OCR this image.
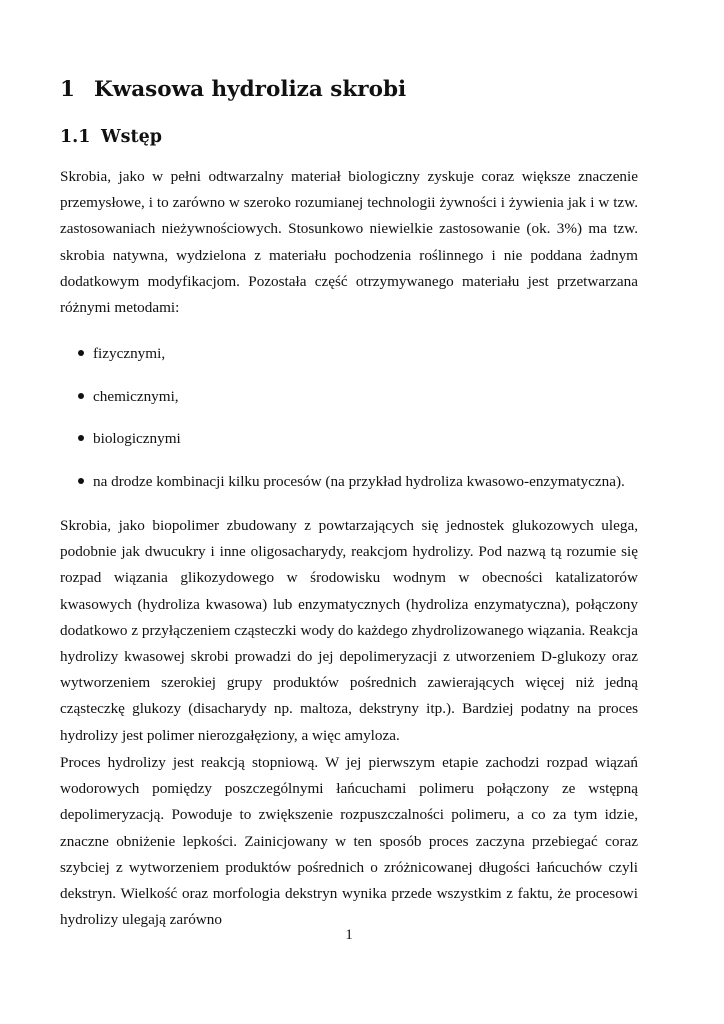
1 Kwasowa hydroliza skrobi
1.1 Wstęp

Skrobia, jako w pełni odtwarzalny materiał biologiczny zyskuje coraz większe znaczenie przemysłowe, i to zarówno w szeroko rozumianej technologii żywności i żywienia jak i w tzw. zastosowaniach nieżywnościowych. Stosunkowo niewielkie zastosowanie (ok. 3%) ma tzw. skrobia natywna, wydzielona z materiału pochodzenia roślinnego i nie poddana żadnym dodatkowym modyfikacjom. Pozostała część otrzymywanego materiału jest przetwarzana różnymi metodami:

fizycznymi,
chemicznymi,
biologicznymi
na drodze kombinacji kilku procesów (na przykład hydroliza kwasowo-enzymatyczna).

Skrobia, jako biopolimer zbudowany z powtarzających się jednostek glukozowych ulega, podobnie jak dwucukry i inne oligosacharydy, reakcjom hydrolizy. Pod nazwą tą rozumie się rozpad wiązania glikozydowego w środowisku wodnym w obecności katalizatorów kwasowych (hydroliza kwasowa) lub enzymatycznych (hydroliza enzymatyczna), połączony dodatkowo z przyłączeniem cząsteczki wody do każdego zhydrolizowanego wiązania. Reakcja hydrolizy kwasowej skrobi prowadzi do jej depolimeryzacji z utworzeniem D-glukozy oraz wytworzeniem szerokiej grupy produktów pośrednich zawierających więcej niż jedną cząsteczkę glukozy (disacharydy np. maltoza, dekstryny itp.). Bardziej podatny na proces hydrolizy jest polimer nierozgałęziony, a więc amyloza.

Proces hydrolizy jest reakcją stopniową. W jej pierwszym etapie zachodzi rozpad wiązań wodorowych pomiędzy poszczególnymi łańcuchami polimeru połączony ze wstępną depolimeryzacją. Powoduje to zwiększenie rozpuszczalności polimeru, a co za tym idzie, znaczne obniżenie lepkości. Zainicjowany w ten sposób proces zaczyna przebiegać coraz szybciej z wytworzeniem produktów pośrednich o zróżnicowanej długości łańcuchów czyli dekstryn. Wielkość oraz morfologia dekstryn wynika przede wszystkim z faktu, że procesowi hydrolizy ulegają zarówno

1
